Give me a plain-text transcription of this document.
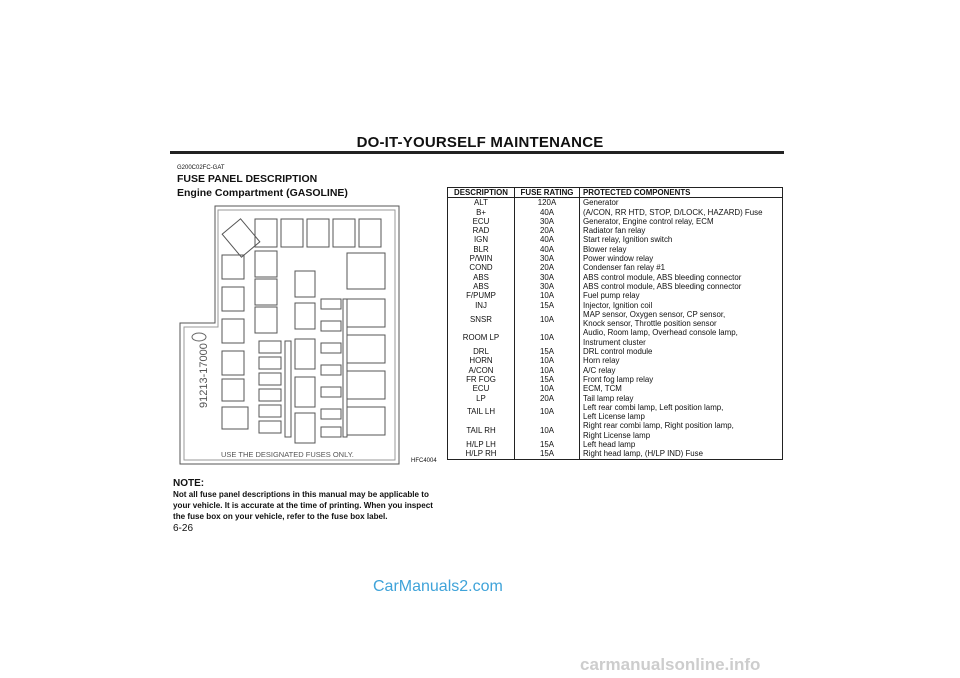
DO-IT-YOURSELF MAINTENANCE
G200C02FC-GAT
FUSE PANEL DESCRIPTION
Engine Compartment (GASOLINE)
91213-17000
USE THE DESIGNATED FUSES ONLY.
HFC4004
NOTE:
Not all fuse panel descriptions in this manual may be applicable to your vehicle. It is accurate at the time of printing. When you inspect the fuse box on your vehicle, refer to the fuse box label.
6-26
DESCRIPTION	FUSE RATING	PROTECTED COMPONENTS
ALT	120A	Generator

B+	40A	(A/CON, RR HTD, STOP, D/LOCK, HAZARD) Fuse

ECU	30A	Generator, Engine control relay, ECM

RAD	20A	Radiator fan relay

IGN	40A	Start relay, Ignition switch

BLR	40A	Blower relay

P/WIN	30A	Power window relay

COND	20A	Condenser fan relay #1

ABS	30A	ABS control module, ABS bleeding connector

ABS	30A	ABS control module, ABS bleeding connector

F/PUMP	10A	Fuel pump relay

INJ	15A	Injector, Ignition coil

SNSR	10A	MAP sensor, Oxygen sensor, CP sensor,
Knock sensor, Throttle position sensor

ROOM LP	10A	Audio, Room lamp, Overhead console lamp,
Instrument cluster

DRL	15A	DRL control module

HORN	10A	Horn relay

A/CON	10A	A/C relay

FR FOG	15A	Front fog lamp relay

ECU	10A	ECM, TCM

LP	20A	Tail lamp relay

TAIL LH	10A	Left rear combi lamp, Left position lamp,
Left License lamp

TAIL RH	10A	Right rear combi lamp, Right position lamp,
Right License lamp

H/LP LH	15A	Left head lamp

H/LP RH	15A	Right head lamp, (H/LP IND) Fuse
CarManuals2.com
carmanualsonline.info
